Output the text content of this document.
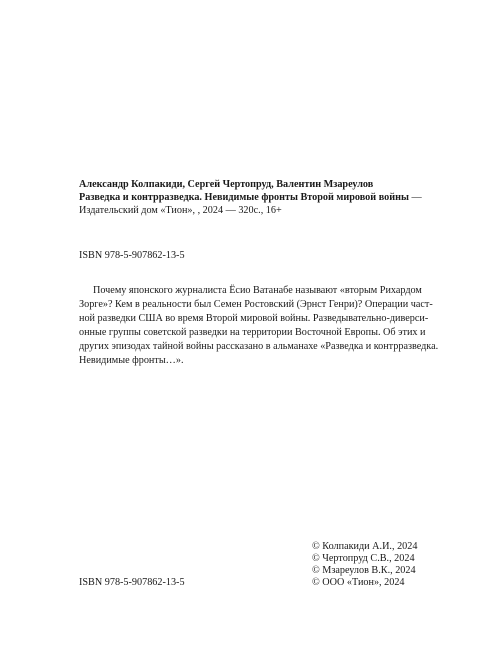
Александр Колпакиди, Сергей Чертопруд, Валентин Мзареулов
Разведка и контрразведка. Невидимые фронты Второй мировой войны —
Издательский дом «Тион», , 2024 — 320с., 16+
ISBN 978-5-907862-13-5
Почему японского журналиста Ёсио Ватанабе называют «вторым Рихардом
Зорге»? Кем в реальности был Семен Ростовский (Эрнст Генри)? Операции част-
ной разведки США во время Второй мировой войны. Разведывательно-диверси-
онные группы советской разведки на территории Восточной Европы. Об этих и
других эпизодах тайной войны рассказано в альманахе «Разведка и контрразведка.
Невидимые фронты…».
© Колпакиди А.И., 2024
© Чертопруд С.В., 2024
© Мзареулов В.К., 2024
© ООО «Тион», 2024
ISBN 978-5-907862-13-5
